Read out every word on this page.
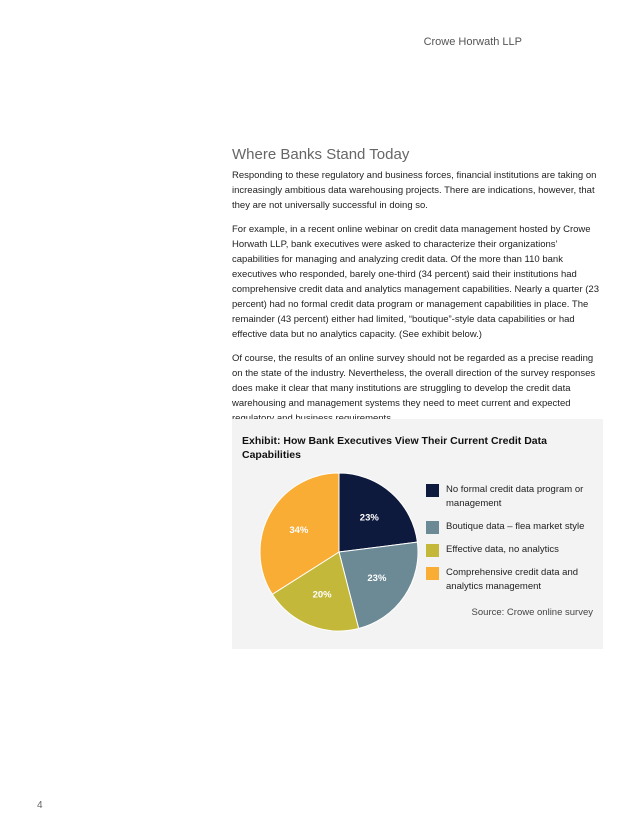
Crowe Horwath LLP
Where Banks Stand Today

Responding to these regulatory and business forces, financial institutions are taking on increasingly ambitious data warehousing projects. There are indications, however, that they are not universally successful in doing so.

For example, in a recent online webinar on credit data management hosted by Crowe Horwath LLP, bank executives were asked to characterize their organizations’ capabilities for managing and analyzing credit data. Of the more than 110 bank executives who responded, barely one-third (34 percent) said their institutions had comprehensive credit data and analytics management capabilities. Nearly a quarter (23 percent) had no formal credit data program or management capabilities in place. The remainder (43 percent) either had limited, “boutique”-style data capabilities or had effective data but no analytics capacity. (See exhibit below.)

Of course, the results of an online survey should not be regarded as a precise reading on the state of the industry. Nevertheless, the overall direction of the survey responses does make it clear that many institutions are struggling to develop the credit data warehousing and management systems they need to meet current and expected

Exhibit: How Bank Executives View Their Current Credit Data Capabilities
23%
23%
20%
34%
No formal credit data program or management
Boutique data – flea market style
Effective data, no analytics
Comprehensive credit data and analytics management
Source: Crowe online survey
4
